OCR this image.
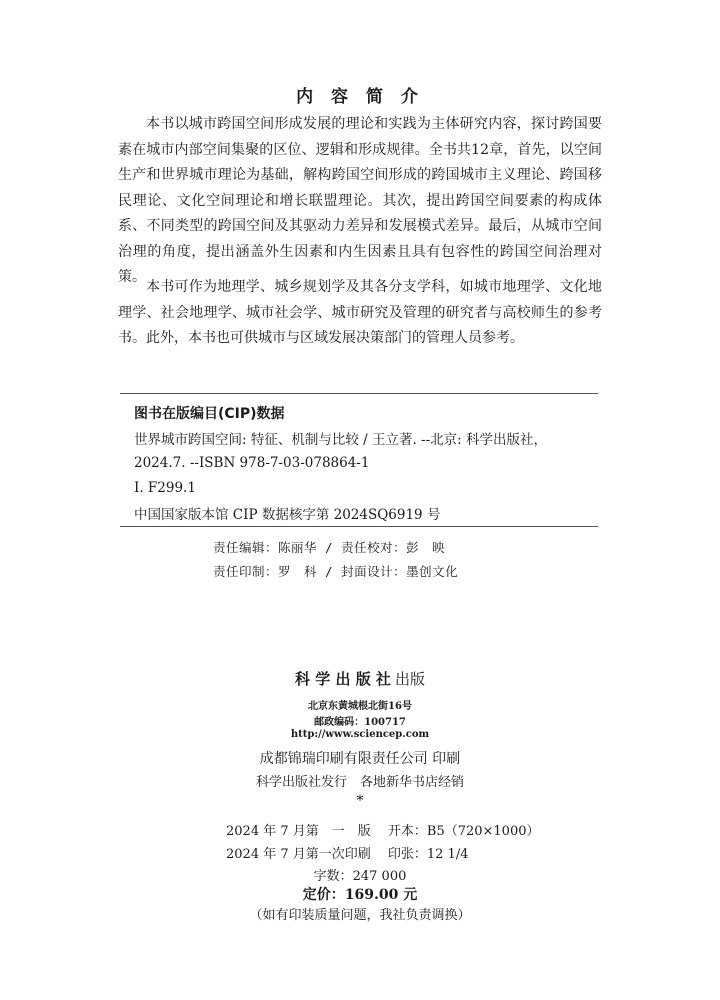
内 容 简 介
本书以城市跨国空间形成发展的理论和实践为主体研究内容，探讨跨国要素在城市内部空间集聚的区位、逻辑和形成规律。全书共12章，首先，以空间生产和世界城市理论为基础，解构跨国空间形成的跨国城市主义理论、跨国移民理论、文化空间理论和增长联盟理论。其次，提出跨国空间要素的构成体系、不同类型的跨国空间及其驱动力差异和发展模式差异。最后，从城市空间治理的角度，提出涵盖外生因素和内生因素且具有包容性的跨国空间治理对策。
本书可作为地理学、城乡规划学及其各分支学科，如城市地理学、文化地理学、社会地理学、城市社会学、城市研究及管理的研究者与高校师生的参考书。此外，本书也可供城市与区域发展决策部门的管理人员参考。
图书在版编目(CIP)数据
世界城市跨国空间: 特征、机制与比较 / 王立著. --北京: 科学出版社，
2024.7. --ISBN 978-7-03-078864-1
Ⅰ. F299.1
中国国家版本馆 CIP 数据核字第 2024SQ6919 号
责任编辑：陈丽华 / 责任校对：彭　映
责任印制：罗　科 / 封面设计：墨创文化
科 学 出 版 社 出版
北京东黄城根北街16号
邮政编码：100717
http://www.sciencep.com
成都锦瑞印刷有限责任公司 印刷
科学出版社发行　各地新华书店经销
*
2024 年 7 月第　一　版　 开本：B5（720×1000）
2024 年 7 月第一次印刷　 印张：12 1/4
字数：247 000
定价：169.00 元
（如有印装质量问题，我社负责调换）
